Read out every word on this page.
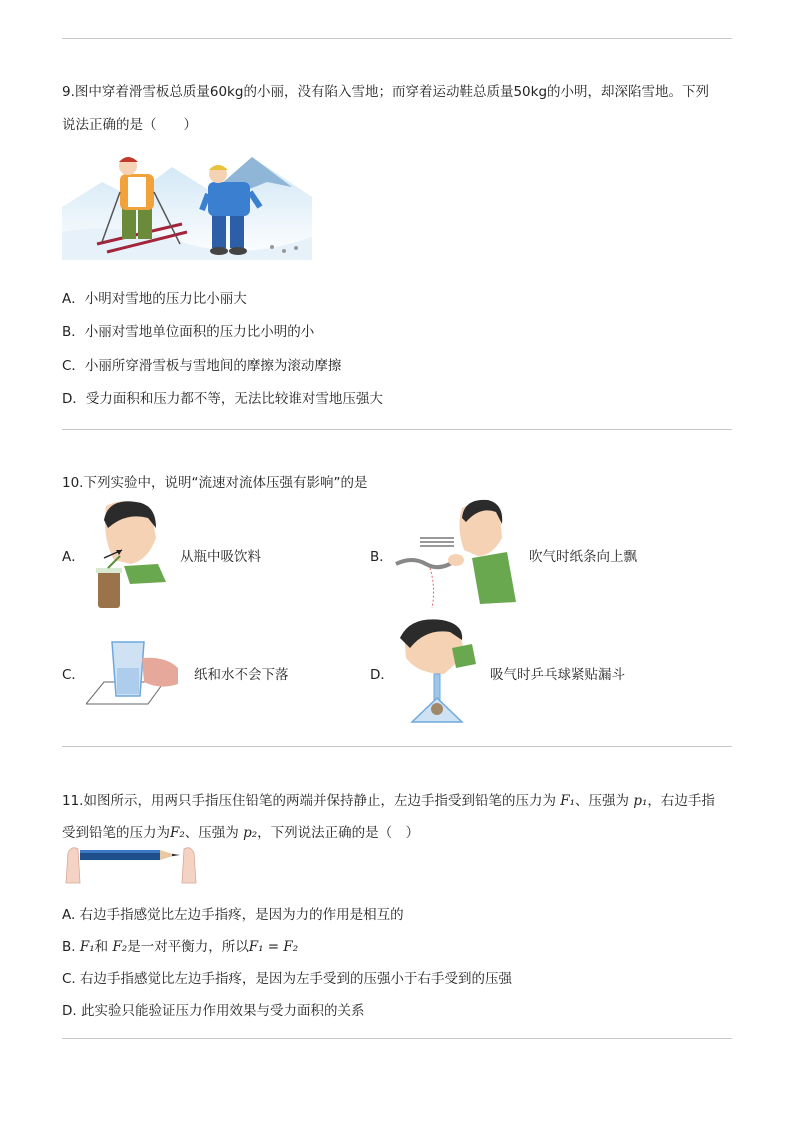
9.图中穿着滑雪板总质量60kg的小丽，没有陷入雪地；而穿着运动鞋总质量50kg的小明，却深陷雪地。下列
说法正确的是（　　）
A．小明对雪地的压力比小丽大
B．小丽对雪地单位面积的压力比小明的小
C．小丽所穿滑雪板与雪地间的摩擦为滚动摩擦
D．受力面积和压力都不等，无法比较谁对雪地压强大
10.下列实验中，说明“流速对流体压强有影响”的是
A．	从瓶中吸饮料	B．	吹气时纸条向上飘
C．	纸和水不会下落	D．	吸气时乒乓球紧贴漏斗
11.如图所示，用两只手指压住铅笔的两端并保持静止，左边手指受到铅笔的压力为 F₁、压强为 p₁，右边手指
受到铅笔的压力为F₂、压强为 p₂，下列说法正确的是（　）
A. 右边手指感觉比左边手指疼，是因为力的作用是相互的
B. F₁和 F₂是一对平衡力，所以F₁ = F₂
C. 右边手指感觉比左边手指疼，是因为左手受到的压强小于右手受到的压强
D. 此实验只能验证压力作用效果与受力面积的关系
